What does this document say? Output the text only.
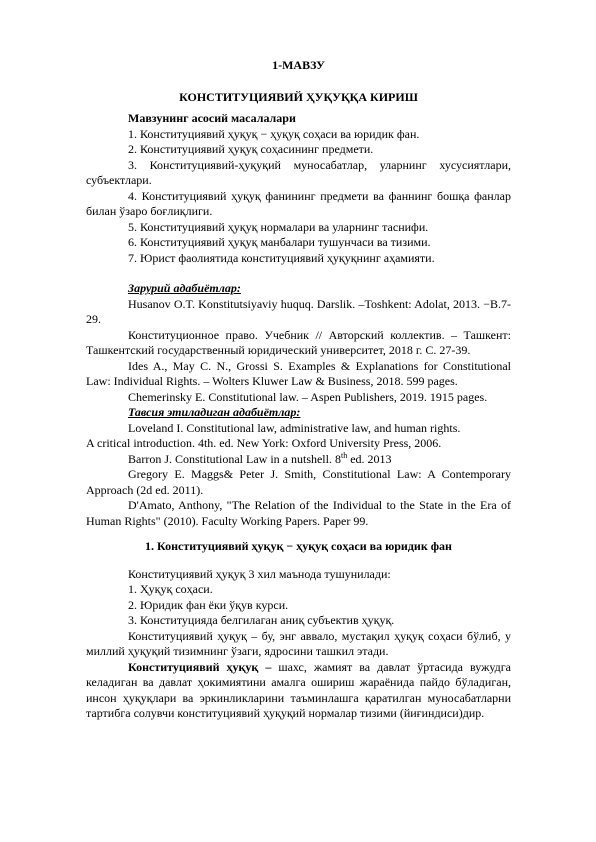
1-МАВЗУ
КОНСТИТУЦИЯВИЙ ҲУҚУҚҚА КИРИШ
Мавзунинг асосий масалалари
1. Конституциявий ҳуқуқ − ҳуқуқ соҳаси ва юридик фан.
2. Конституциявий ҳуқуқ соҳасининг предмети.
3. Конституциявий-ҳуқуқий муносабатлар, уларнинг хусусиятлари, субъектлари.
4. Конституциявий ҳуқуқ фанининг предмети ва фаннинг бошқа фанлар билан ўзаро боғлиқлиги.
5. Конституциявий ҳуқуқ нормалари ва уларнинг таснифи.
6. Конституциявий ҳуқуқ манбалари тушунчаси ва тизими.
7. Юрист фаолиятида конституциявий ҳуқуқнинг аҳамияти.
Зарурий адабиётлар:
Husanov O.T. Konstitutsiyaviy huquq. Darslik. –Toshkent: Adolat, 2013. −B.7-29.
Конституционное право. Учебник // Авторский коллектив. – Ташкент: Ташкентский государственный юридический университет, 2018 г. С. 27-39.
Ides A., May C. N., Grossi S. Examples & Explanations for Constitutional Law: Individual Rights. – Wolters Kluwer Law & Business, 2018. 599 pages.
Chemerinsky E. Constitutional law. – Aspen Publishers, 2019. 1915 pages.
Тавсия этиладиган адабиётлар:
Loveland I. Constitutional law, administrative law, and human rights.
A critical introduction. 4th. ed. New York: Oxford University Press, 2006.
Barron J. Constitutional Law in a nutshell. 8th ed. 2013
Gregory E. Maggs& Peter J. Smith, Constitutional Law: A Contemporary Approach (2d ed. 2011).
D'Amato, Anthony, "The Relation of the Individual to the State in the Era of Human Rights" (2010). Faculty Working Papers. Paper 99.
1. Конституциявий ҳуқуқ − ҳуқуқ соҳаси ва юридик фан
Конституциявий ҳуқуқ 3 хил маънода тушунилади:
1. Ҳуқуқ соҳаси.
2. Юридик фан ёки ўқув курси.
3. Конституцияда белгилаган аниқ субъектив ҳуқуқ.
Конституциявий ҳуқуқ – бу, энг аввало, мустақил ҳуқуқ соҳаси бўлиб, у миллий ҳуқуқий тизимнинг ўзаги, ядросини ташкил этади.
Конституциявий ҳуқуқ – шахс, жамият ва давлат ўртасида вужудга келадиган ва давлат ҳокимиятини амалга ошириш жараёнида пайдо бўладиган, инсон ҳуқуқлари ва эркинликларини таъминлашга қаратилган муносабатларни тартибга солувчи конституциявий ҳуқуқий нормалар тизими (йиғиндиси)дир.
